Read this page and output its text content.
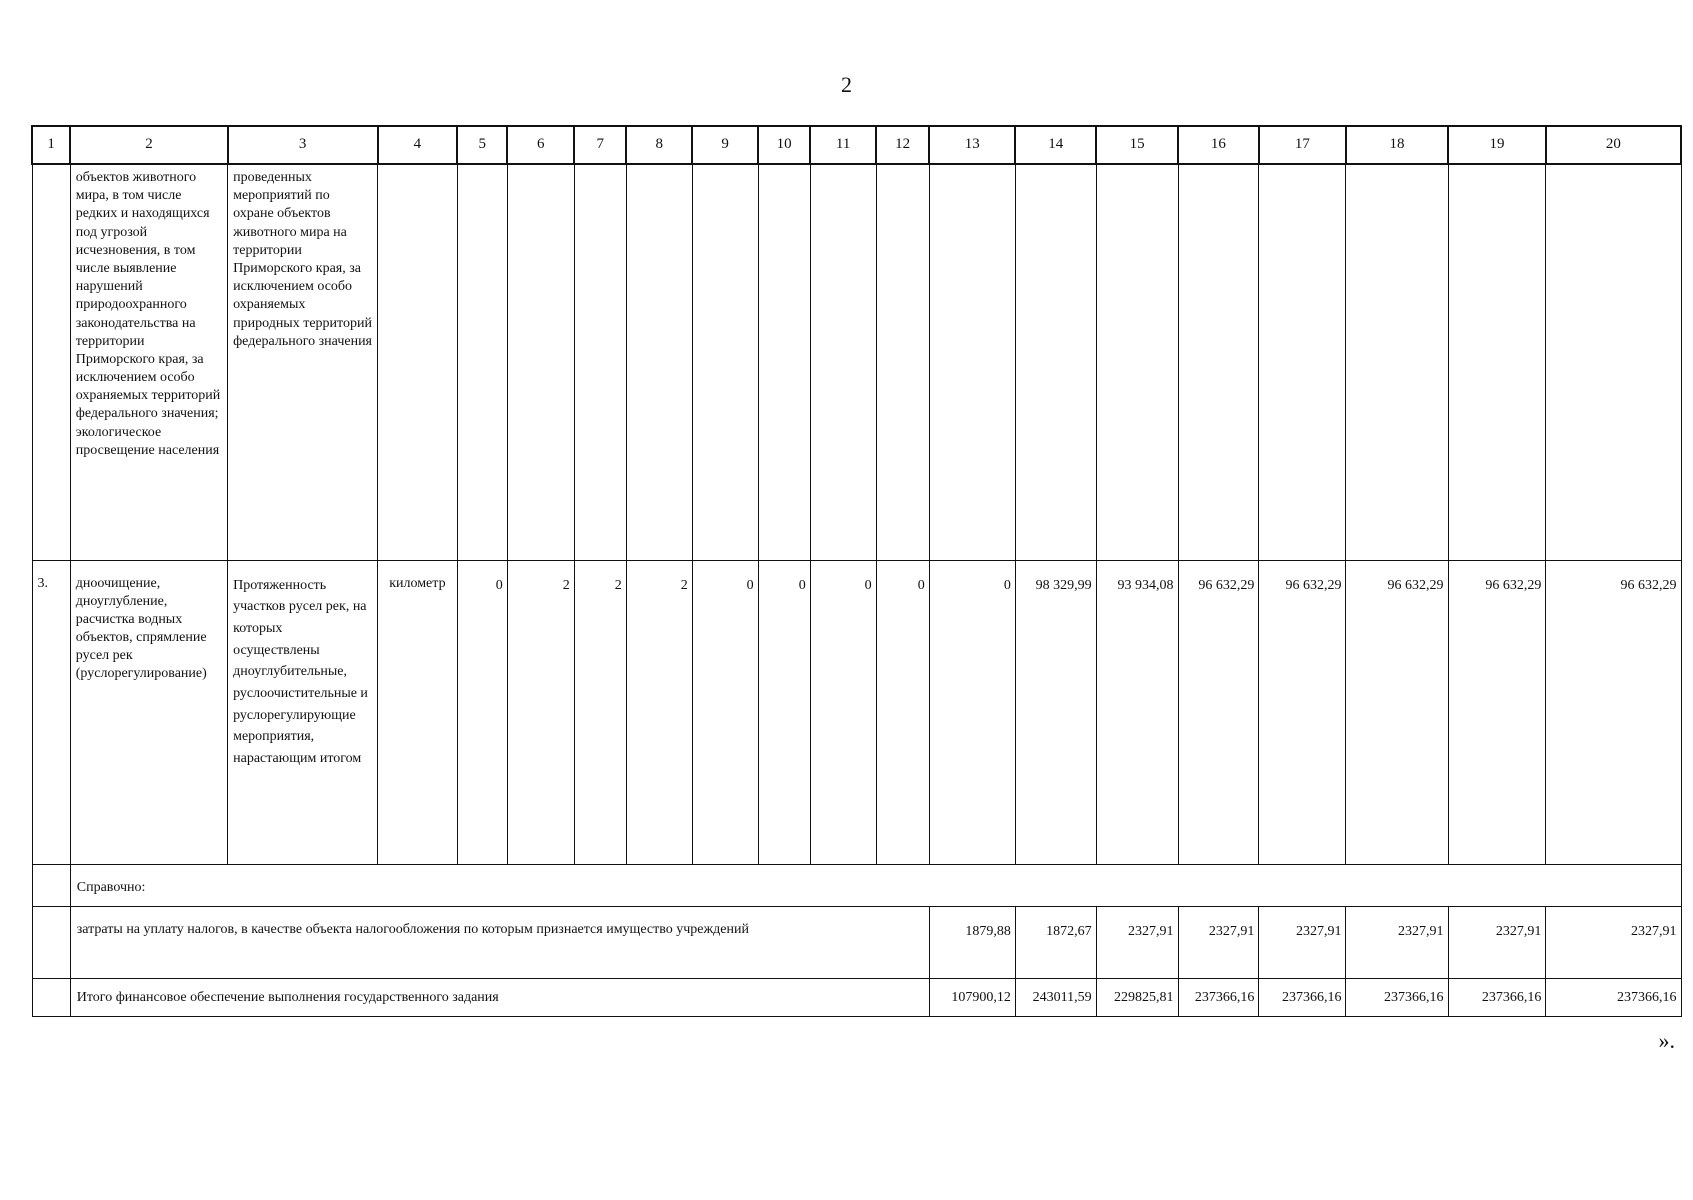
2
1	2	3	4	5	6	7	8	9	10	11	12	13	14	15	16	17	18	19	20

	объектов животного мира, в том числе редких и находящихся под угрозой исчезновения, в том числе выявление нарушений природоохранного законодательства на территории Приморского края, за исключением особо охраняемых территорий федерального значения; экологическое просвещение населения	проведенных мероприятий по охране объектов животного мира на территории Приморского края, за исключением особо охраняемых природных территорий федерального значения																	

3.	дноочищение, дноуглубление, расчистка водных объектов, спрямление русел рек (руслорегулирование)	Протяженность участков русел рек, на которых осуществлены дноуглубительные, руслоочистительные и руслорегулирующие мероприятия, нарастающим итогом	километр	0	2	2	2	0	0	0	0	0	98 329,99	93 934,08	96 632,29	96 632,29	96 632,29	96 632,29	96 632,29

	Справочно:																		

	затраты на уплату налогов, в качестве объекта налогообложения по которым признается имущество учреждений											1879,88	1872,67	2327,91	2327,91	2327,91	2327,91	2327,91	2327,91

	Итого финансовое обеспечение выполнения государственного задания											107900,12	243011,59	229825,81	237366,16	237366,16	237366,16	237366,16	237366,16
».
